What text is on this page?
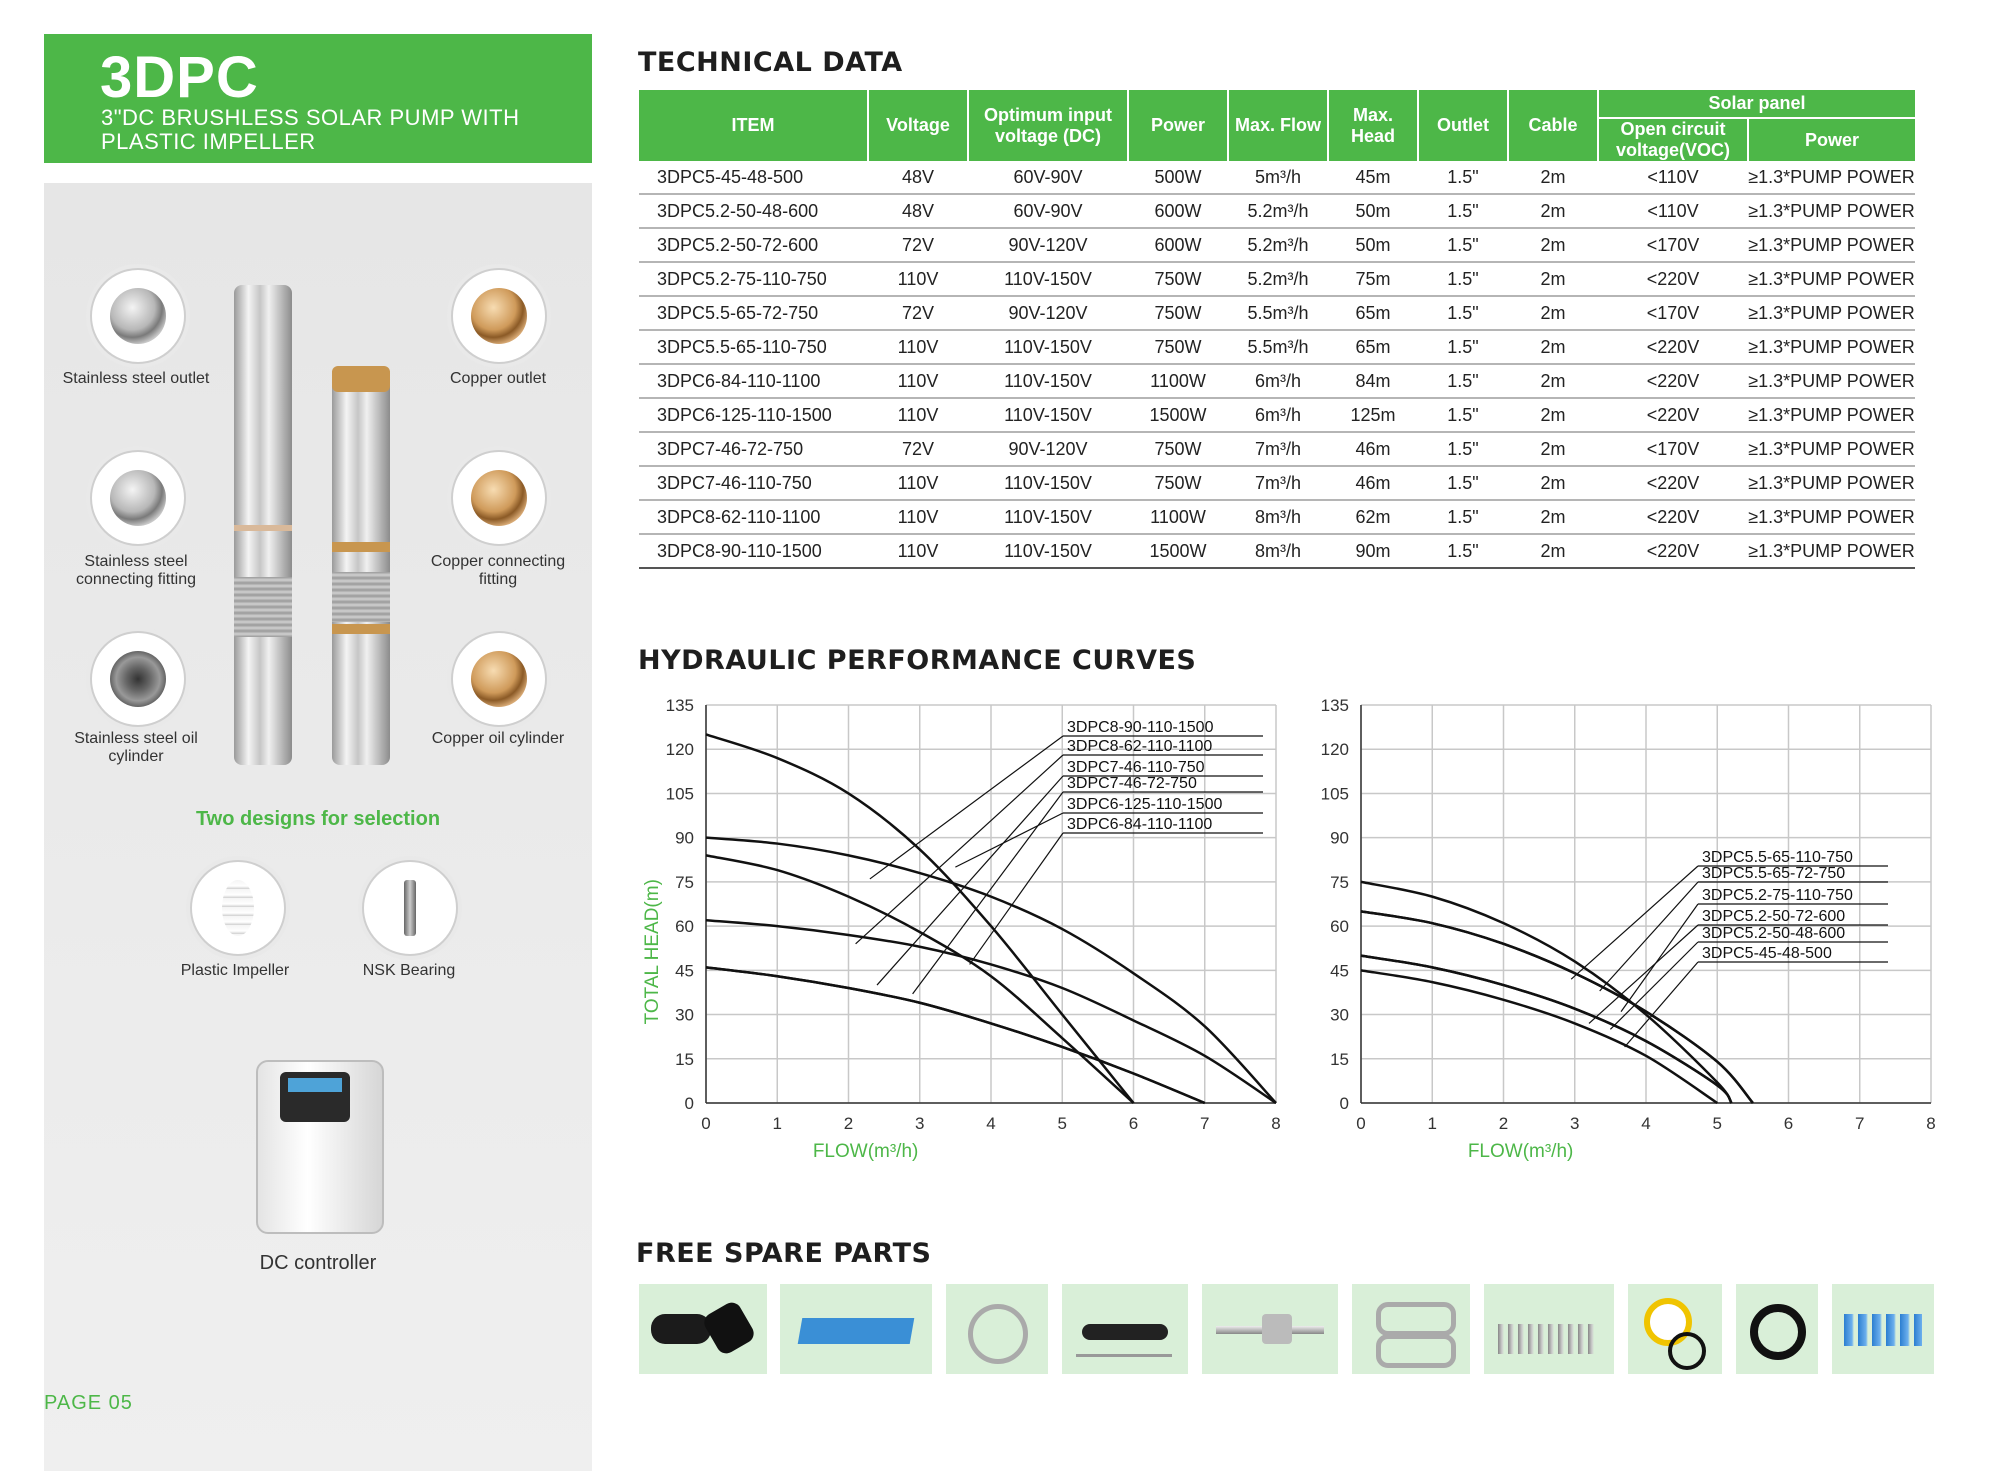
3DPC
3"DC BRUSHLESS SOLAR PUMP WITH PLASTIC IMPELLER
Stainless steel outlet
Stainless steel connecting fitting
Stainless steel oil cylinder
Copper outlet
Copper connecting fitting
Copper oil cylinder
Two designs for selection
Plastic Impeller	NSK Bearing
DC controller
PAGE 05
TECHNICAL DATA
ITEM	Voltage	Optimum input voltage (DC)	Power	Max. Flow	Max. Head	Outlet	Cable	Solar panel	
								Open circuit voltage(VOC)	Power
3DPC5-45-48-500	48V	60V-90V	500W	5m³/h	45m	1.5"	2m	<110V	≥1.3*PUMP POWER
3DPC5.2-50-48-600	48V	60V-90V	600W	5.2m³/h	50m	1.5"	2m	<110V	≥1.3*PUMP POWER
3DPC5.2-50-72-600	72V	90V-120V	600W	5.2m³/h	50m	1.5"	2m	<170V	≥1.3*PUMP POWER
3DPC5.2-75-110-750	110V	110V-150V	750W	5.2m³/h	75m	1.5"	2m	<220V	≥1.3*PUMP POWER
3DPC5.5-65-72-750	72V	90V-120V	750W	5.5m³/h	65m	1.5"	2m	<170V	≥1.3*PUMP POWER
3DPC5.5-65-110-750	110V	110V-150V	750W	5.5m³/h	65m	1.5"	2m	<220V	≥1.3*PUMP POWER
3DPC6-84-110-1100	110V	110V-150V	1100W	6m³/h	84m	1.5"	2m	<220V	≥1.3*PUMP POWER
3DPC6-125-110-1500	110V	110V-150V	1500W	6m³/h	125m	1.5"	2m	<220V	≥1.3*PUMP POWER
3DPC7-46-72-750	72V	90V-120V	750W	7m³/h	46m	1.5"	2m	<170V	≥1.3*PUMP POWER
3DPC7-46-110-750	110V	110V-150V	750W	7m³/h	46m	1.5"	2m	<220V	≥1.3*PUMP POWER
3DPC8-62-110-1100	110V	110V-150V	1100W	8m³/h	62m	1.5"	2m	<220V	≥1.3*PUMP POWER
3DPC8-90-110-1500	110V	110V-150V	1500W	8m³/h	90m	1.5"	2m	<220V	≥1.3*PUMP POWER
HYDRAULIC PERFORMANCE CURVES
0	1	2	3	4	5	6	7	8
0
15
30
45
60
75
90
105
120
135
FLOW(m³/h)
TOTAL HEAD(m)
3DPC8-90-110-1500
3DPC8-62-110-1100
3DPC7-46-110-750
3DPC7-46-72-750
3DPC6-125-110-1500
3DPC6-84-110-1100
0	1	2	3	4	5	6	7	8
0
15
30
45
60
75
90
105
120
135
FLOW(m³/h)
3DPC5.5-65-110-750
3DPC5.5-65-72-750
3DPC5.2-75-110-750
3DPC5.2-50-72-600
3DPC5.2-50-48-600
3DPC5-45-48-500
FREE SPARE PARTS
